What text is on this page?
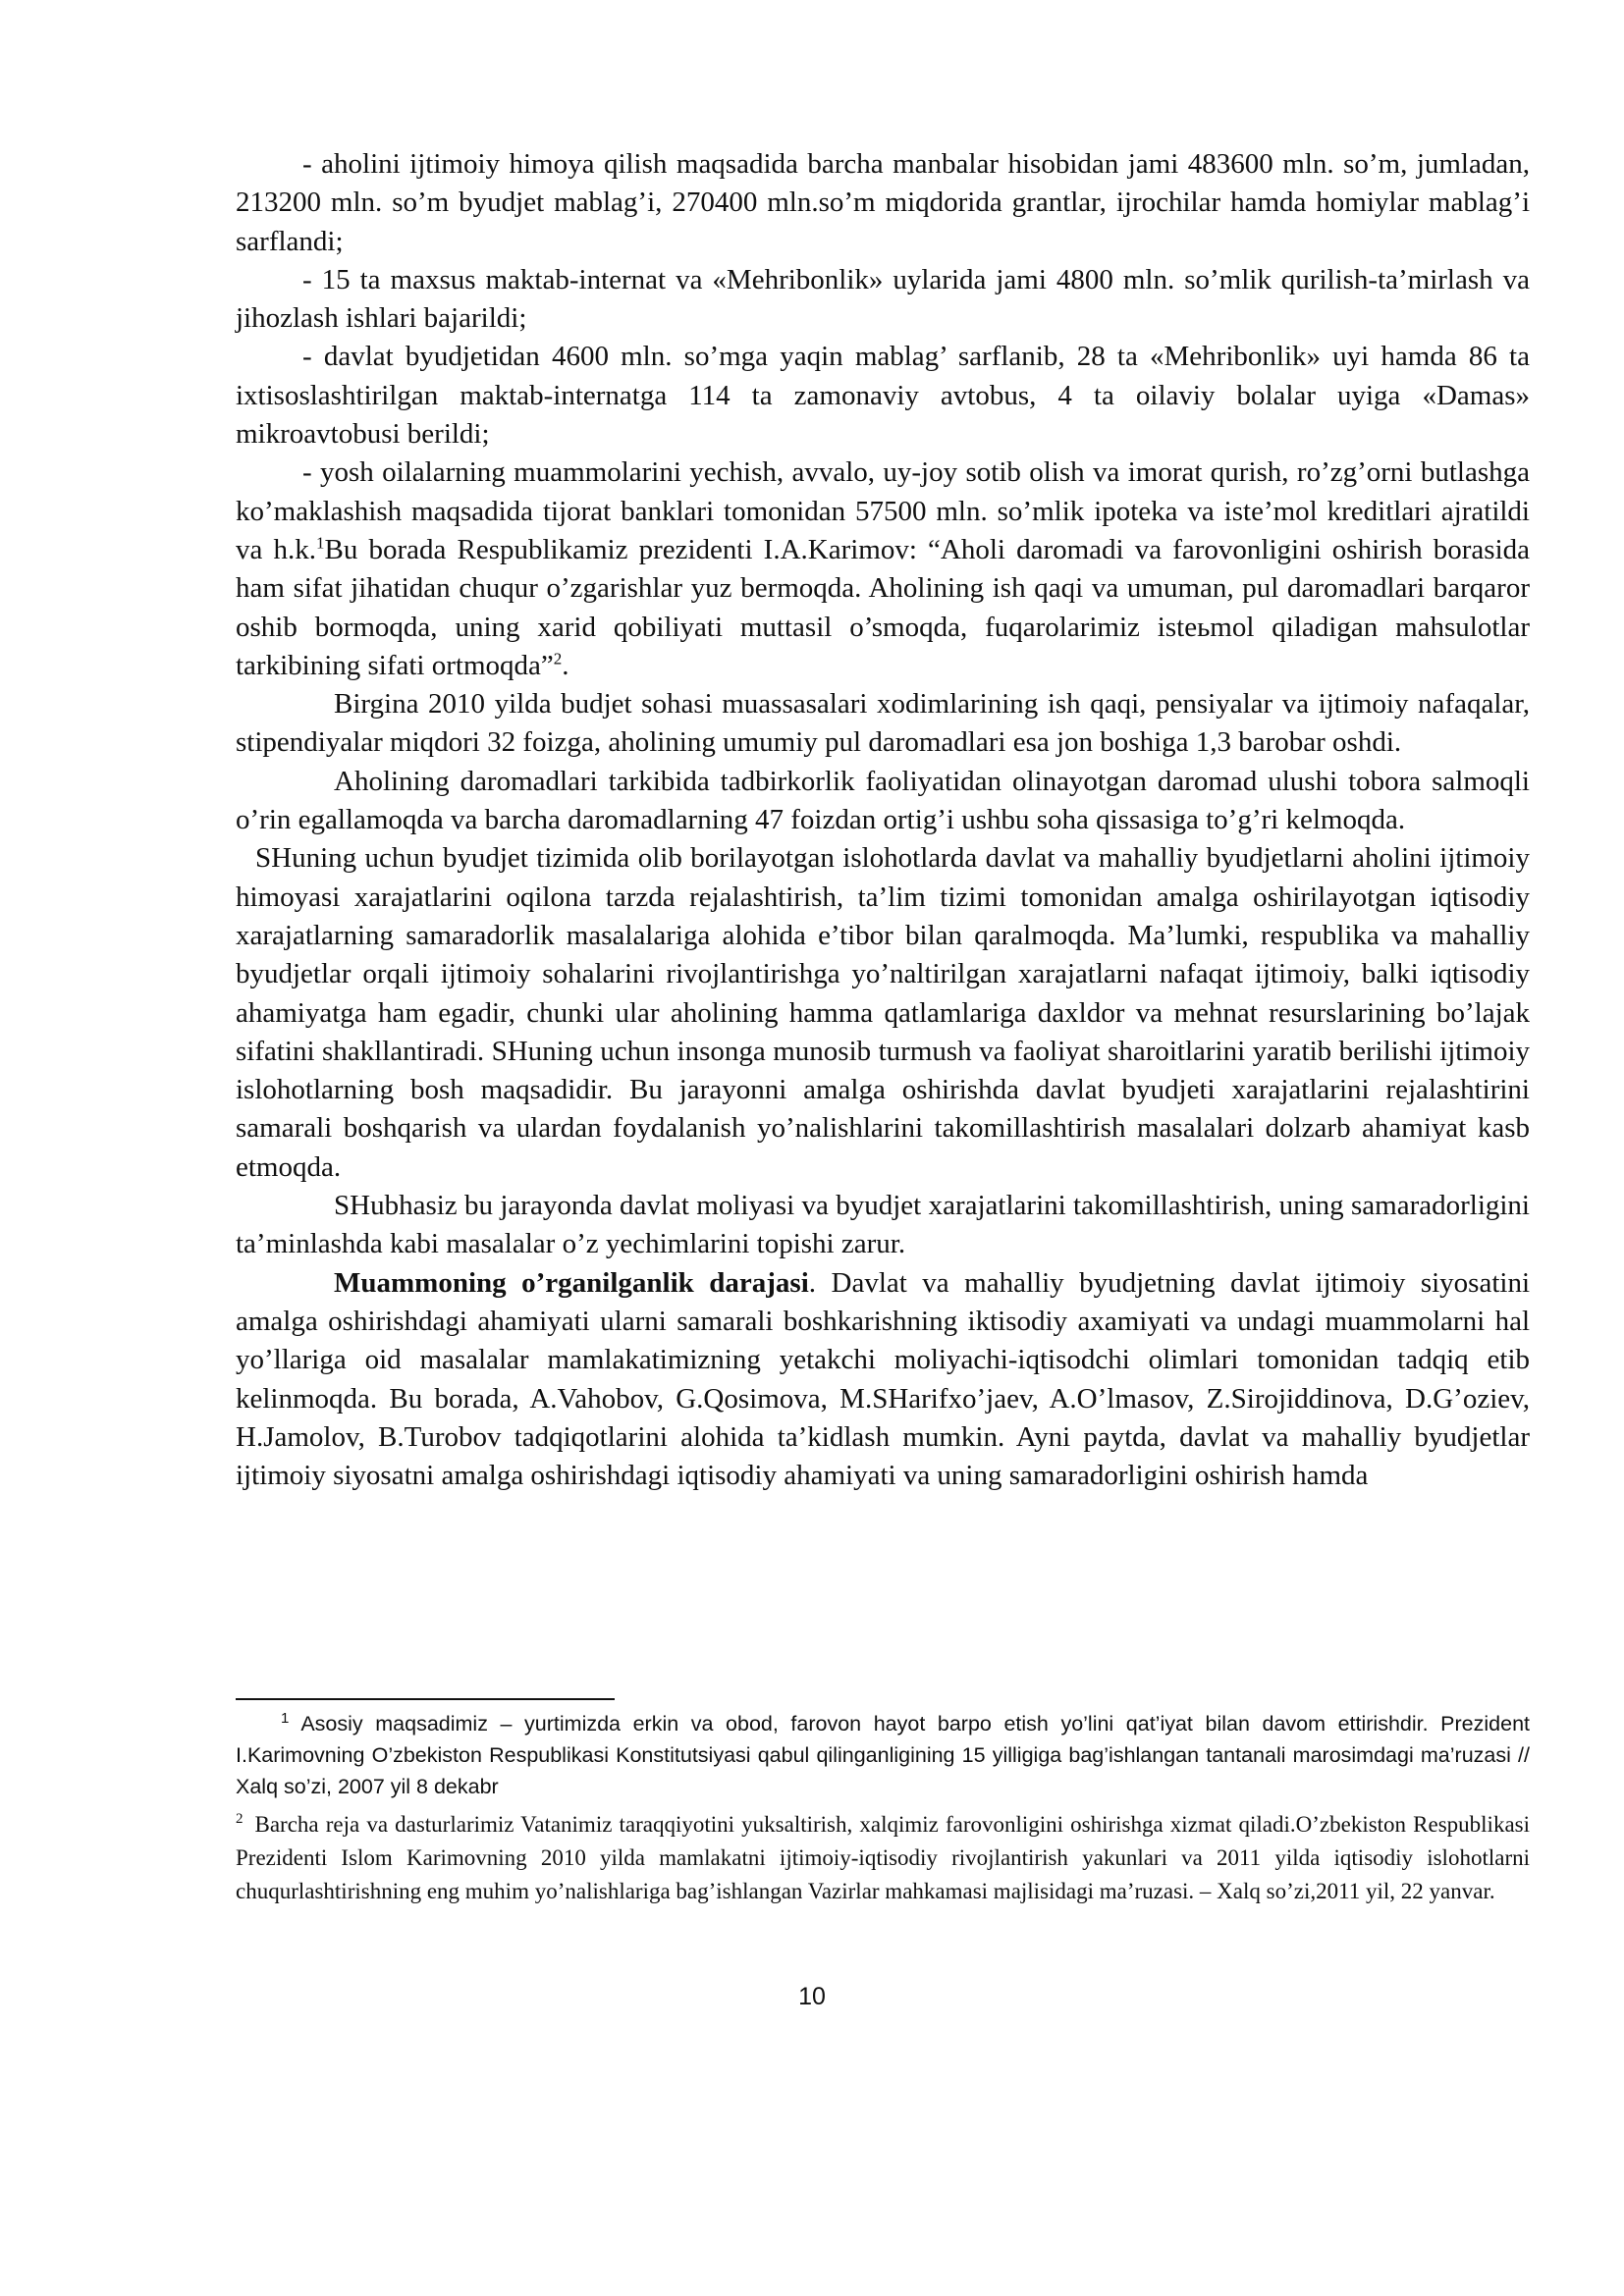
- aholini ijtimoiy himoya qilish maqsadida barcha manbalar hisobidan jami 483600 mln. so’m, jumladan, 213200 mln. so’m byudjet mablag’i, 270400 mln.so’m miqdorida grantlar, ijrochilar hamda homiylar mablag’i sarflandi;

- 15 ta maxsus maktab-internat va «Mehribonlik» uylarida jami 4800 mln. so’mlik qurilish-ta’mirlash va jihozlash ishlari bajarildi;

- davlat byudjetidan 4600 mln. so’mga yaqin mablag’ sarflanib, 28 ta «Mehribonlik» uyi hamda 86 ta ixtisoslashtirilgan maktab-internatga 114 ta zamonaviy avtobus, 4 ta oilaviy bolalar uyiga «Damas» mikroavtobusi berildi;

- yosh oilalarning muammolarini yechish, avvalo, uy-joy sotib olish va imorat qurish, ro’zg’orni butlashga ko’maklashish maqsadida tijorat banklari tomonidan 57500 mln. so’mlik ipoteka va iste’mol kreditlari ajratildi va h.k.$^1$Bu borada Respublikamiz prezidenti I.A.Karimov: “Aholi daromadi va farovonligini oshirish borasida ham sifat jihatidan chuqur o’zgarishlar yuz bermoqda. Aholining ish qaqi va umuman, pul daromadlari barqaror oshib bormoqda, uning xarid qobiliyati muttasil o’smoqda, fuqarolarimiz isteьmol qiladigan mahsulotlar tarkibining sifati ortmoqda”$^2$.

Birgina 2010 yilda budjet sohasi muassasalari xodimlarining ish qaqi, pensiyalar va ijtimoiy nafaqalar, stipendiyalar miqdori 32 foizga, aholining umumiy pul daromadlari esa jon boshiga 1,3 barobar oshdi.

Aholining daromadlari tarkibida tadbirkorlik faoliyatidan olinayotgan daromad ulushi tobora salmoqli o’rin egallamoqda va barcha daromadlarning 47 foizdan ortig’i ushbu soha qissasiga to’g’ri kelmoqda.

SHuning uchun byudjet tizimida olib borilayotgan islohotlarda davlat va mahalliy byudjetlarni aholini ijtimoiy himoyasi xarajatlarini oqilona tarzda rejalashtirish, ta’lim tizimi tomonidan amalga oshirilayotgan iqtisodiy xarajatlarning samaradorlik masalalariga alohida e’tibor bilan qaralmoqda. Ma’lumki, respublika va mahalliy byudjetlar orqali ijtimoiy sohalarini rivojlantirishga yo’naltirilgan xarajatlarni nafaqat ijtimoiy, balki iqtisodiy ahamiyatga ham egadir, chunki ular aholining hamma qatlamlariga daxldor va mehnat resurslarining bo’lajak sifatini shakllantiradi. SHuning uchun insonga munosib turmush va faoliyat sharoitlarini yaratib berilishi ijtimoiy islohotlarning bosh maqsadidir. Bu jarayonni amalga oshirishda davlat byudjeti xarajatlarini rejalashtirini samarali boshqarish va ulardan foydalanish yo’nalishlarini takomillashtirish masalalari dolzarb ahamiyat kasb etmoqda.

SHubhasiz bu jarayonda davlat moliyasi va byudjet xarajatlarini takomillashtirish, uning samaradorligini ta’minlashda kabi masalalar o’z yechimlarini topishi zarur.

Muammoning o’rganilganlik darajasi. Davlat va mahalliy byudjetning davlat ijtimoiy siyosatini amalga oshirishdagi ahamiyati ularni samarali boshkarishning iktisodiy axamiyati va undagi muammolarni hal yo’llariga oid masalalar mamlakatimizning yetakchi moliyachi-iqtisodchi olimlari tomonidan tadqiq etib kelinmoqda. Bu borada, A.Vahobov, G.Qosimova, M.SHarifxo’jaev, A.O’lmasov, Z.Sirojiddinova, D.G’oziev, H.Jamolov, B.Turobov tadqiqotlarini alohida ta’kidlash mumkin. Ayni paytda, davlat va mahalliy byudjetlar ijtimoiy siyosatni amalga oshirishdagi iqtisodiy ahamiyati va uning samaradorligini oshirish hamda

$^1$ Asosiy maqsadimiz – yurtimizda erkin va obod, farovon hayot barpo etish yo’lini qat’iyat bilan davom ettirishdir. Prezident I.Karimovning O’zbekiston Respublikasi Konstitutsiyasi qabul qilinganligining 15 yilligiga bag’ishlangan tantanali marosimdagi ma’ruzasi // Xalq so’zi, 2007 yil 8 dekabr

$^2$ Barcha reja va dasturlarimiz Vatanimiz taraqqiyotini yuksaltirish, xalqimiz farovonligini oshirishga xizmat qiladi.O’zbekiston Respublikasi Prezidenti Islom Karimovning 2010 yilda mamlakatni ijtimoiy-iqtisodiy rivojlantirish yakunlari va 2011 yilda iqtisodiy islohotlarni chuqurlashtirishning eng muhim yo’nalishlariga bag’ishlangan Vazirlar mahkamasi majlisidagi ma’ruzasi. – Xalq so’zi,2011 yil, 22 yanvar.

10
